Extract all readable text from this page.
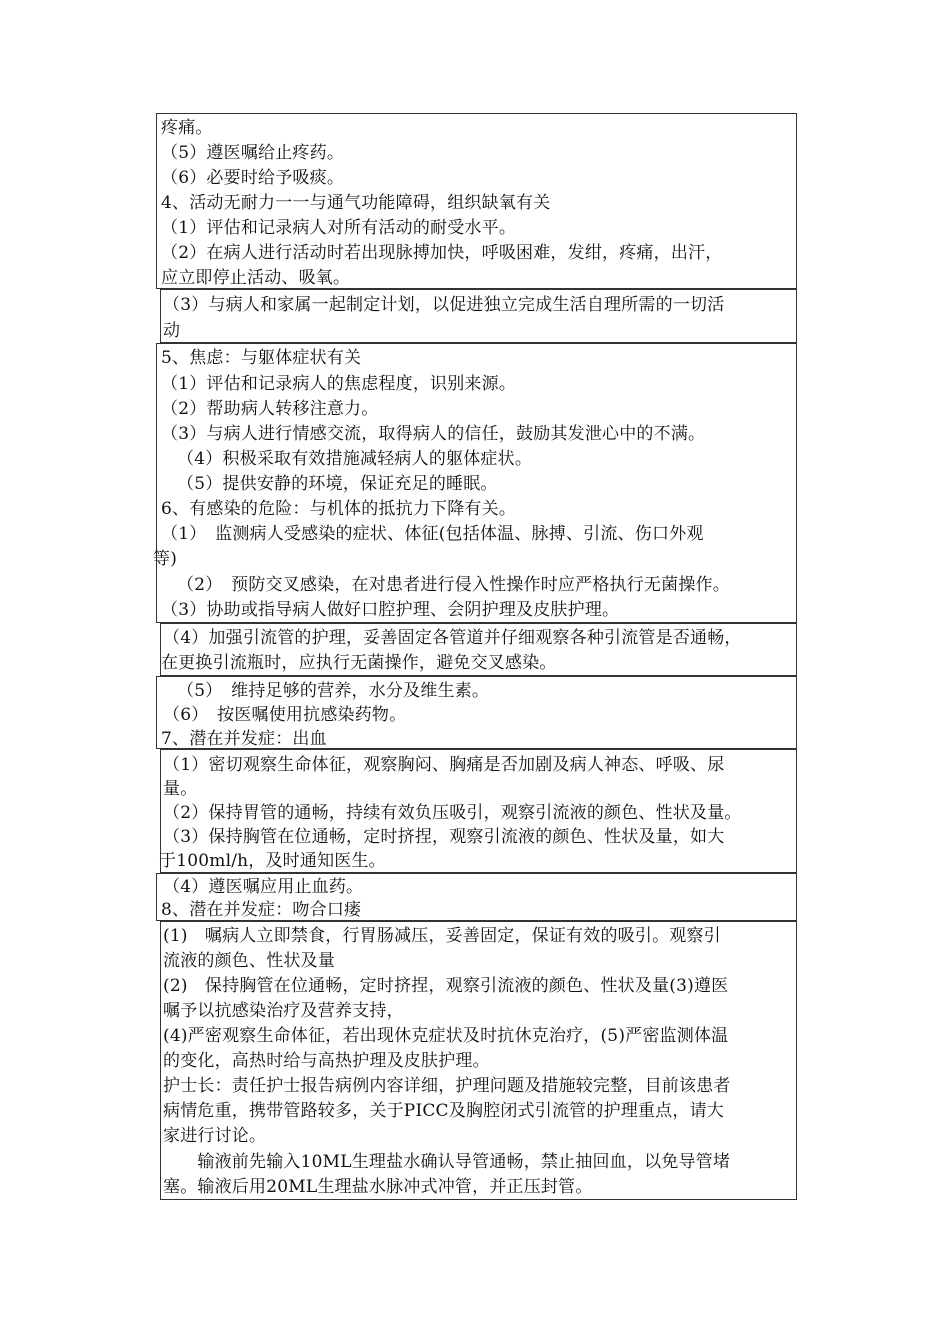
疼痛。
（5）遵医嘱给止疼药。
（6）必要时给予吸痰。
4、活动无耐力一一与通气功能障碍，组织缺氧有关
（1）评估和记录病人对所有活动的耐受水平。
（2）在病人进行活动时若出现脉搏加快，呼吸困难，发绀，疼痛，出汗，
应立即停止活动、吸氧。
（3）与病人和家属一起制定计划，以促进独立完成生活自理所需的一切活
动
5、焦虑：与躯体症状有关
（1）评估和记录病人的焦虑程度，识别来源。
（2）帮助病人转移注意力。
（3）与病人进行情感交流，取得病人的信任，鼓励其发泄心中的不满。
（4）积极采取有效措施减轻病人的躯体症状。
（5）提供安静的环境，保证充足的睡眠。
6、有感染的危险：与机体的抵抗力下降有关。
（1）　监测病人受感染的症状、体征(包括体温、脉搏、引流、伤口外观
等)
（2）　预防交叉感染，在对患者进行侵入性操作时应严格执行无菌操作。
（3）协助或指导病人做好口腔护理、会阴护理及皮肤护理。
（4）加强引流管的护理，妥善固定各管道并仔细观察各种引流管是否通畅，
在更换引流瓶时，应执行无菌操作，避免交叉感染。
（5）　维持足够的营养，水分及维生素。
（6）　按医嘱使用抗感染药物。
7、潜在并发症：出血
（1）密切观察生命体征，观察胸闷、胸痛是否加剧及病人神态、呼吸、尿
量。
（2）保持胃管的通畅，持续有效负压吸引，观察引流液的颜色、性状及量。
（3）保持胸管在位通畅，定时挤捏，观察引流液的颜色、性状及量，如大
于100ml/h，及时通知医生。
（4）遵医嘱应用止血药。
8、潜在并发症：吻合口瘘
(1)　嘱病人立即禁食，行胃肠减压，妥善固定，保证有效的吸引。观察引
流液的颜色、性状及量
(2)　保持胸管在位通畅，定时挤捏，观察引流液的颜色、性状及量(3)遵医
嘱予以抗感染治疗及营养支持，
(4)严密观察生命体征，若出现休克症状及时抗休克治疗，(5)严密监测体温
的变化，高热时给与高热护理及皮肤护理。
护士长：责任护士报告病例内容详细，护理问题及措施较完整，目前该患者
病情危重，携带管路较多，关于PICC及胸腔闭式引流管的护理重点，请大
家进行讨论。
　　输液前先输入10ML生理盐水确认导管通畅，禁止抽回血，以免导管堵
塞。输液后用20ML生理盐水脉冲式冲管，并正压封管。
